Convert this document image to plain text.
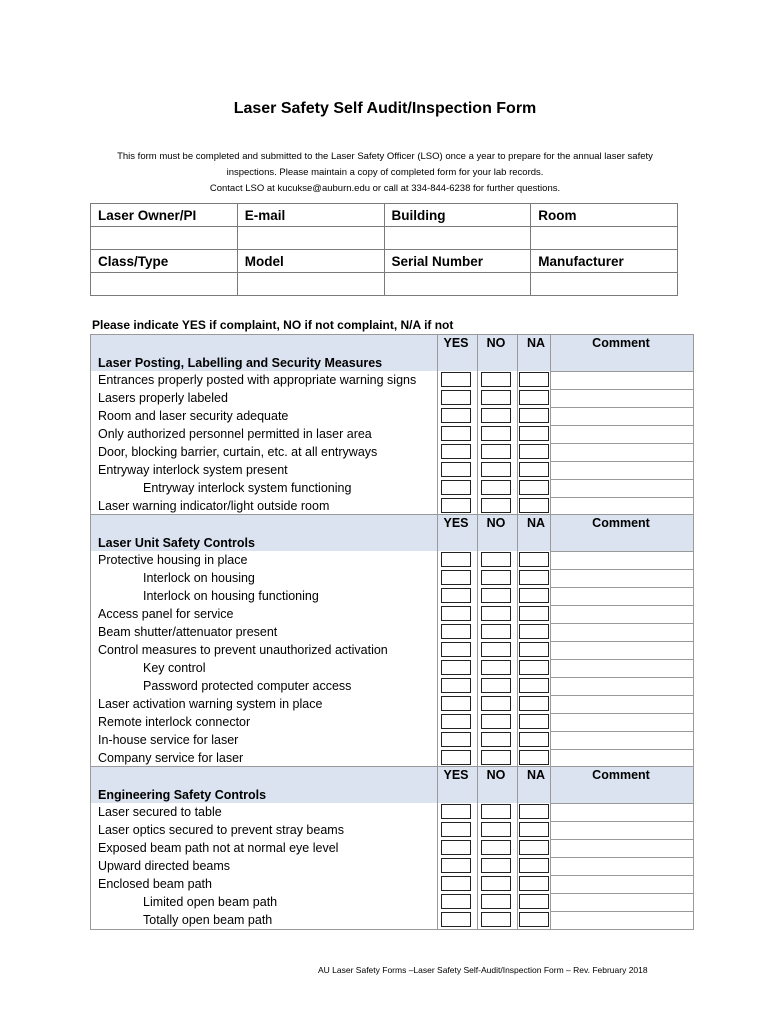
Laser Safety Self Audit/Inspection Form
This form must be completed and submitted to the Laser Safety Officer (LSO) once a year to prepare for the annual laser safety
inspections. Please maintain a copy of completed form for your lab records.
Contact LSO at kucukse@auburn.edu or call at 334-844-6238 for further questions.
Laser Owner/PI	E-mail	Building	Room

Class/Type	Model	Serial Number	Manufacturer

Please indicate YES if complaint, NO if not complaint, N/A if not
YES	NO	NA	Comment
Laser Posting, Labelling and Security Measures
Entrances properly posted with appropriate warning signs
Lasers properly labeled
Room and laser security adequate
Only authorized personnel permitted in laser area
Door, blocking barrier, curtain, etc. at all entryways
Entryway interlock system present
Entryway interlock system functioning
Laser warning indicator/light outside room
YES	NO	NA	Comment
Laser Unit Safety Controls
Protective housing in place
Interlock on housing
Interlock on housing functioning
Access panel for service
Beam shutter/attenuator present
Control measures to prevent unauthorized activation
Key control
Password protected computer access
Laser activation warning system in place
Remote interlock connector
In-house service for laser
Company service for laser
YES	NO	NA	Comment
Engineering Safety Controls
Laser secured to table
Laser optics secured to prevent stray beams
Exposed beam path not at normal eye level
Upward directed beams
Enclosed beam path
Limited open beam path
Totally open beam path
AU Laser Safety Forms –Laser Safety Self-Audit/Inspection Form – Rev. February 2018
